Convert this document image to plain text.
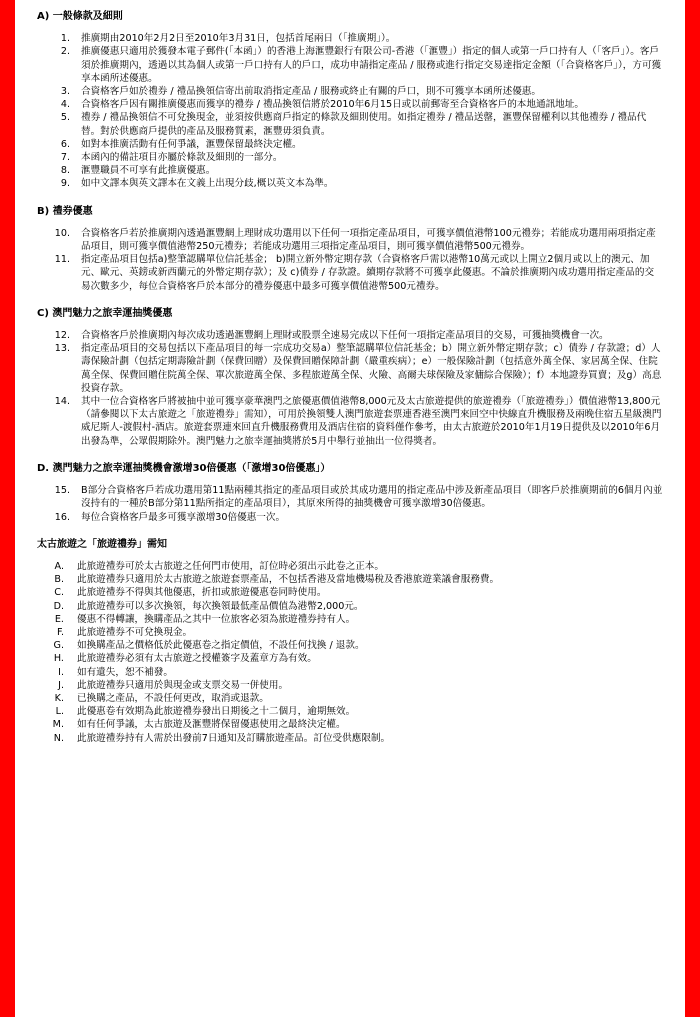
A) 一般條款及細則
1.	推廣期由2010年2月2日至2010年3月31日，包括首尾兩日（「推廣期」）。
2.	推廣優惠只適用於獲發本電子郵件(「本函」）的香港上海滙豐銀行有限公司-香港（「滙豐」）指定的個人或第一戶口持有人（「客戶」）。客戶須於推廣期內，透過以其為個人或第一戶口持有人的戶口，成功申請指定產品 / 服務或進行指定交易達指定金額（「合資格客戶」），方可獲享本函所述優惠。
3.	合資格客戶如於禮券 / 禮品換領信寄出前取消指定產品 / 服務或終止有關的戶口，則不可獲享本函所述優惠。
4.	合資格客戶因有關推廣優惠而獲享的禮券 / 禮品換領信將於2010年6月15日或以前郵寄至合資格客戶的本地通訊地址。
5.	禮券 / 禮品換領信不可兌換現金，並須按供應商戶指定的條款及細則使用。如指定禮券 / 禮品送罄，滙豐保留權利以其他禮券 / 禮品代替。對於供應商戶提供的產品及服務質素，滙豐毋須負責。
6.	如對本推廣活動有任何爭議，滙豐保留最終決定權。
7.	本函內的備註項目亦屬於條款及細則的一部分。
8.	滙豐職員不可享有此推廣優惠。
9.	如中文譯本與英文譯本在文義上出現分歧,概以英文本為準。
B) 禮券優惠
10.	合資格客戶若於推廣期內透過滙豐網上理財成功選用以下任何一項指定產品項目，可獲享價值港幣100元禮券；若能成功選用兩項指定產品項目，則可獲享價值港幣250元禮券；若能成功選用三項指定產品項目，則可獲享價值港幣500元禮券。
11.	指定產品項目包括a)整筆認購單位信託基金； b)開立新外幣定期存款（合資格客戶需以港幣10萬元或以上開立2個月或以上的澳元、加元、歐元、英鎊或新西蘭元的外幣定期存款）；及 c)債券 / 存款證。續期存款將不可獲享此優惠。不論於推廣期內成功選用指定產品的交易次數多少，每位合資格客戶於本部分的禮券優惠中最多可獲享價值港幣500元禮券。
C) 澳門魅力之旅幸運抽獎優惠
12.	合資格客戶於推廣期內每次成功透過滙豐網上理財或股票全速易完成以下任何一項指定產品項目的交易，可獲抽獎機會一次。
13.	指定產品項目的交易包括以下產品項目的每一宗成功交易a）整筆認購單位信託基金；b）開立新外幣定期存款；c）債券 / 存款證；d）人壽保險計劃（包括定期壽險計劃（保費回贈）及保費回贈保障計劃（嚴重疾病）；e）一般保險計劃（包括意外萬全保、家居萬全保、住院萬全保、保費回贈住院萬全保、單次旅遊萬全保、多程旅遊萬全保、火險、高爾夫球保險及家傭綜合保險）；f）本地證券買賣；及g）高息投資存款。
14.	其中一位合資格客戶將被抽中並可獲享豪華澳門之旅優惠價值港幣8,000元及太古旅遊提供的旅遊禮券（「旅遊禮券」）價值港幣13,800元（請參閱以下太古旅遊之「旅遊禮券」需知），可用於換領雙人澳門旅遊套票連香港至澳門來回空中快線直升機服務及兩晚住宿五星級澳門威尼斯人-渡假村-酒店。旅遊套票連來回直升機服務費用及酒店住宿的資料僅作參考，由太古旅遊於2010年1月19日提供及以2010年6月出發為準，公眾假期除外。澳門魅力之旅幸運抽獎將於5月中舉行並抽出一位得獎者。
D. 澳門魅力之旅幸運抽獎機會激增30倍優惠（「激增30倍優惠」）
15.	B部分合資格客戶若成功選用第11點兩種其指定的產品項目或於其成功選用的指定產品中涉及新產品項目（即客戶於推廣期前的6個月內並沒持有的一種於B部分第11點所指定的產品項目），其原來所得的抽獎機會可獲享激增30倍優惠。
16.	每位合資格客戶最多可獲享激增30倍優惠一次。
太古旅遊之「旅遊禮券」需知
A.	此旅遊禮券可於太古旅遊之任何門市使用，訂位時必須出示此卷之正本。
B.	此旅遊禮券只適用於太古旅遊之旅遊套票產品，不包括香港及當地機場稅及香港旅遊業議會服務費。
C.	此旅遊禮券不得與其他優惠，折扣或旅遊優惠卷同時使用。
D.	此旅遊禮券可以多次換領，每次換領最低產品價值為港幣2,000元。
E.	優惠不得轉讓，換購產品之其中一位旅客必須為旅遊禮券持有人。
F.	此旅遊禮券不可兌換現金。
G.	如換購產品之價格低於此優惠卷之指定價值，不設任何找換 / 退款。
H.	此旅遊禮券必須有太古旅遊之授權簽字及蓋章方為有效。
I.	如有遺失，恕不補發。
J.	此旅遊禮券只適用於與現金或支票交易一併使用。
K.	已換購之產品，不設任何更改，取消或退款。
L.	此優惠卷有效期為此旅遊禮券發出日期後之十二個月，逾期無效。
M.	如有任何爭議，太古旅遊及滙豐將保留優惠使用之最終決定權。
N.	此旅遊禮券持有人需於出發前7日通知及訂購旅遊產品。訂位受供應限制。
